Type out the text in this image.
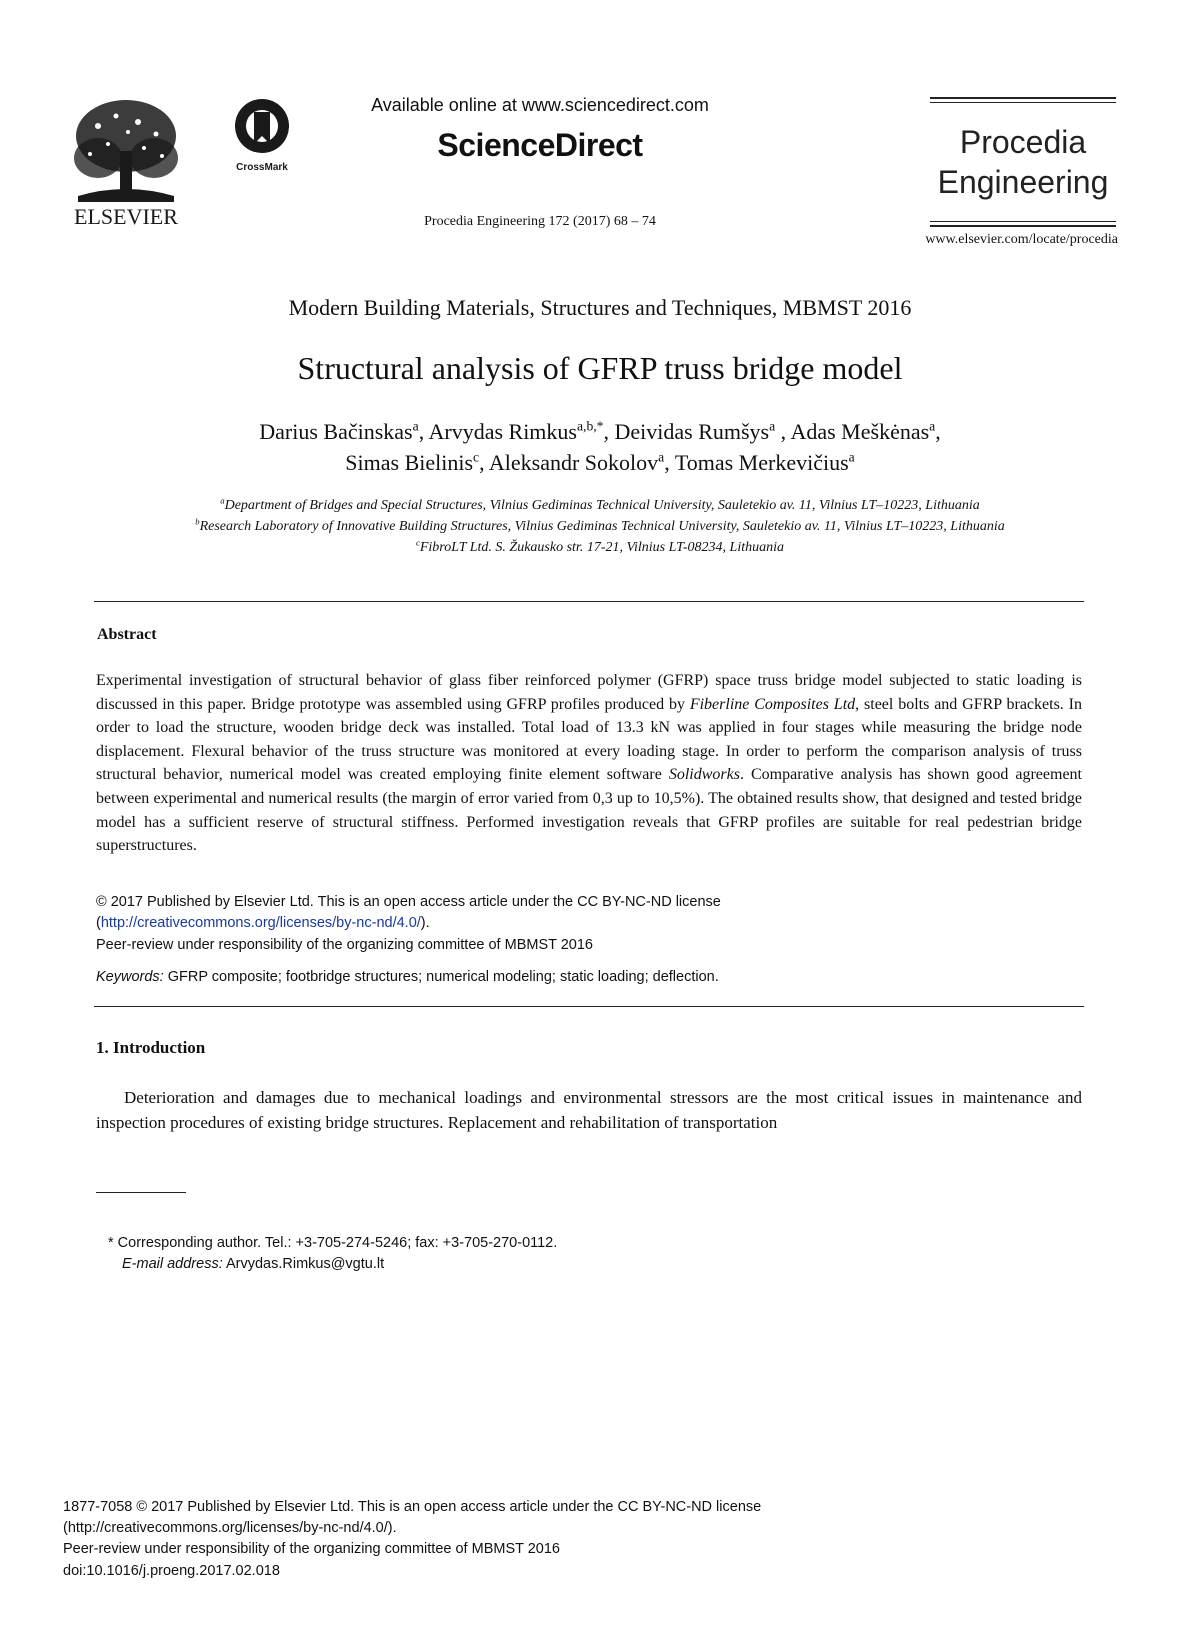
ELSEVIER
CrossMark
Available online at www.sciencedirect.com
ScienceDirect
Procedia Engineering 172 (2017) 68 – 74
Procedia
Engineering
www.elsevier.com/locate/procedia
Modern Building Materials, Structures and Techniques, MBMST 2016
Structural analysis of GFRP truss bridge model
Darius Bačinskas$^a$, Arvydas Rimkus$^{a,b,*}$, Deividas Rumšys$^a$ , Adas Meškėnas$^a$,
Simas Bielinis$^c$, Aleksandr Sokolov$^a$, Tomas Merkevičius$^a$
$^a$Department of Bridges and Special Structures, Vilnius Gediminas Technical University, Sauletekio av. 11, Vilnius LT–10223, Lithuania
$^b$Research Laboratory of Innovative Building Structures, Vilnius Gediminas Technical University, Sauletekio av. 11, Vilnius LT–10223, Lithuania
$^c$FibroLT Ltd. S. Žukausko str. 17-21, Vilnius LT-08234, Lithuania
Abstract
Experimental investigation of structural behavior of glass fiber reinforced polymer (GFRP) space truss bridge model subjected to static loading is discussed in this paper. Bridge prototype was assembled using GFRP profiles produced by Fiberline Composites Ltd, steel bolts and GFRP brackets. In order to load the structure, wooden bridge deck was installed. Total load of 13.3 kN was applied in four stages while measuring the bridge node displacement. Flexural behavior of the truss structure was monitored at every loading stage. In order to perform the comparison analysis of truss structural behavior, numerical model was created employing finite element software Solidworks. Comparative analysis has shown good agreement between experimental and numerical results (the margin of error varied from 0,3 up to 10,5%). The obtained results show, that designed and tested bridge model has a sufficient reserve of structural stiffness. Performed investigation reveals that GFRP profiles are suitable for real pedestrian bridge superstructures.
© 2017 Published by Elsevier Ltd. This is an open access article under the CC BY-NC-ND license
(http://creativecommons.org/licenses/by-nc-nd/4.0/).
Peer-review under responsibility of the organizing committee of MBMST 2016
Keywords: GFRP composite; footbridge structures; numerical modeling; static loading; deflection.
1. Introduction
Deterioration and damages due to mechanical loadings and environmental stressors are the most critical issues in maintenance and inspection procedures of existing bridge structures. Replacement and rehabilitation of transportation
* Corresponding author. Tel.: +3-705-274-5246; fax: +3-705-270-0112.
E-mail address: Arvydas.Rimkus@vgtu.lt
1877-7058 © 2017 Published by Elsevier Ltd. This is an open access article under the CC BY-NC-ND license
(http://creativecommons.org/licenses/by-nc-nd/4.0/).
Peer-review under responsibility of the organizing committee of MBMST 2016
doi:10.1016/j.proeng.2017.02.018
